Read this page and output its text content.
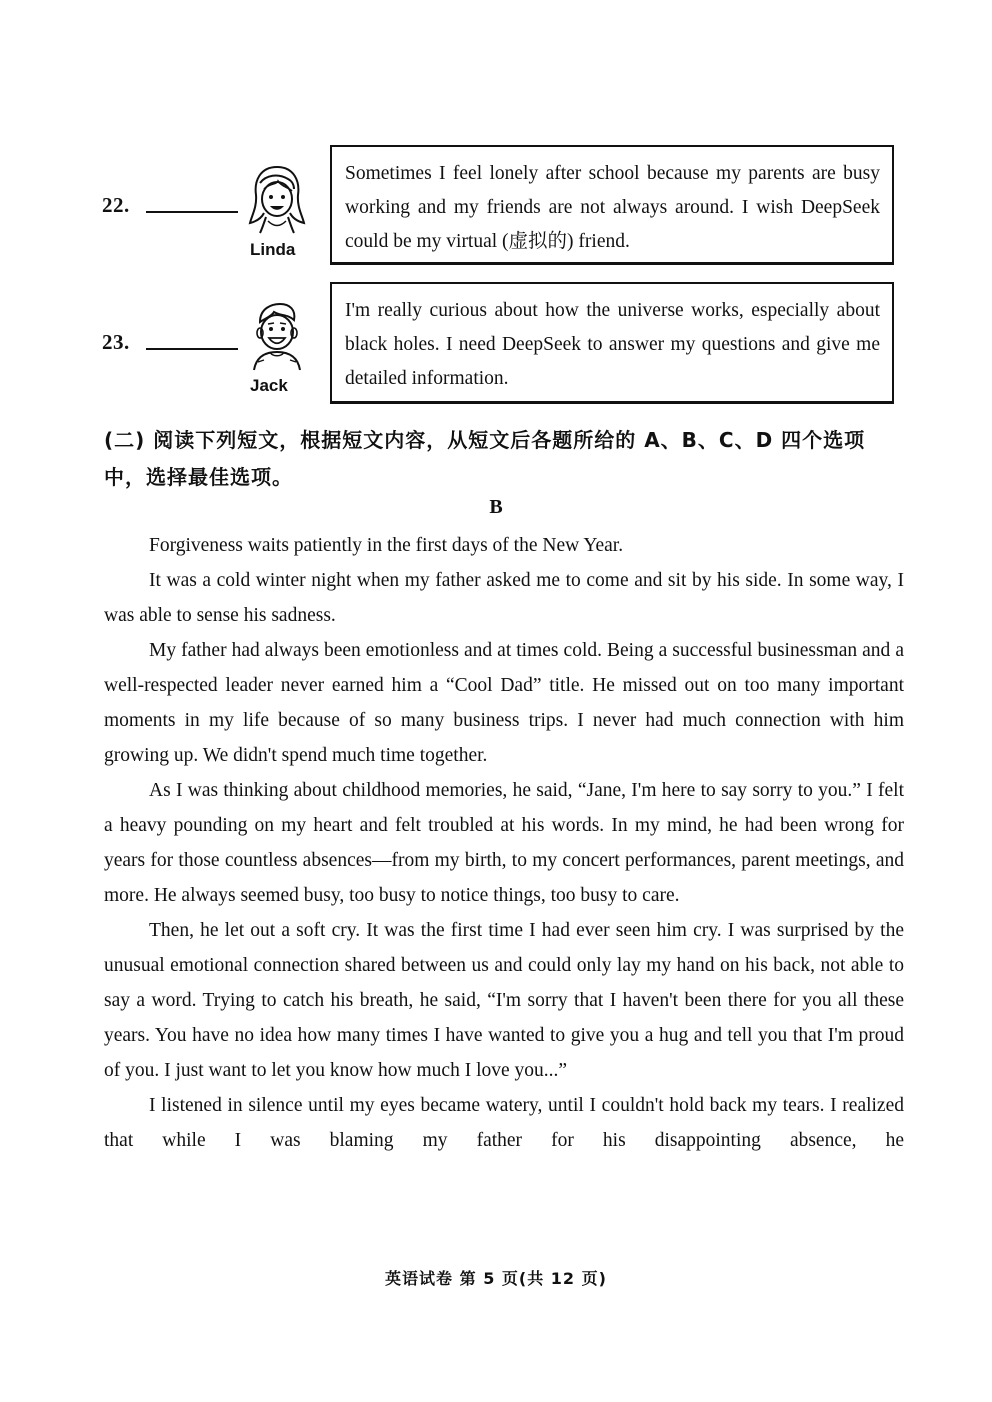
22.
Linda
Sometimes I feel lonely after school because my parents are busy working and my friends are not always around. I wish DeepSeek could be my virtual (虚拟的) friend.
23.
Jack
I'm really curious about how the universe works, especially about black holes. I need DeepSeek to answer my questions and give me detailed information.
(二) 阅读下列短文，根据短文内容，从短文后各题所给的 A、B、C、D 四个选项中，选择最佳选项。
B

Forgiveness waits patiently in the first days of the New Year.

It was a cold winter night when my father asked me to come and sit by his side. In some way, I was able to sense his sadness.

My father had always been emotionless and at times cold. Being a successful businessman and a well-respected leader never earned him a “Cool Dad” title. He missed out on too many important moments in my life because of so many business trips. I never had much connection with him growing up. We didn't spend much time together.

As I was thinking about childhood memories, he said, “Jane, I'm here to say sorry to you.” I felt a heavy pounding on my heart and felt troubled at his words. In my mind, he had been wrong for years for those countless absences—from my birth, to my concert performances, parent meetings, and more. He always seemed busy, too busy to notice things, too busy to care.

Then, he let out a soft cry. It was the first time I had ever seen him cry. I was surprised by the unusual emotional connection shared between us and could only lay my hand on his back, not able to say a word. Trying to catch his breath, he said, “I'm sorry that I haven't been there for you all these years. You have no idea how many times I have wanted to give you a hug and tell you that I'm proud of you. I just want to let you know how much I love you...”

I listened in silence until my eyes became watery, until I couldn't hold back my tears. I realized that while I was blaming my father for his disappointing absence, he

英语试卷 第 5 页(共 12 页)
